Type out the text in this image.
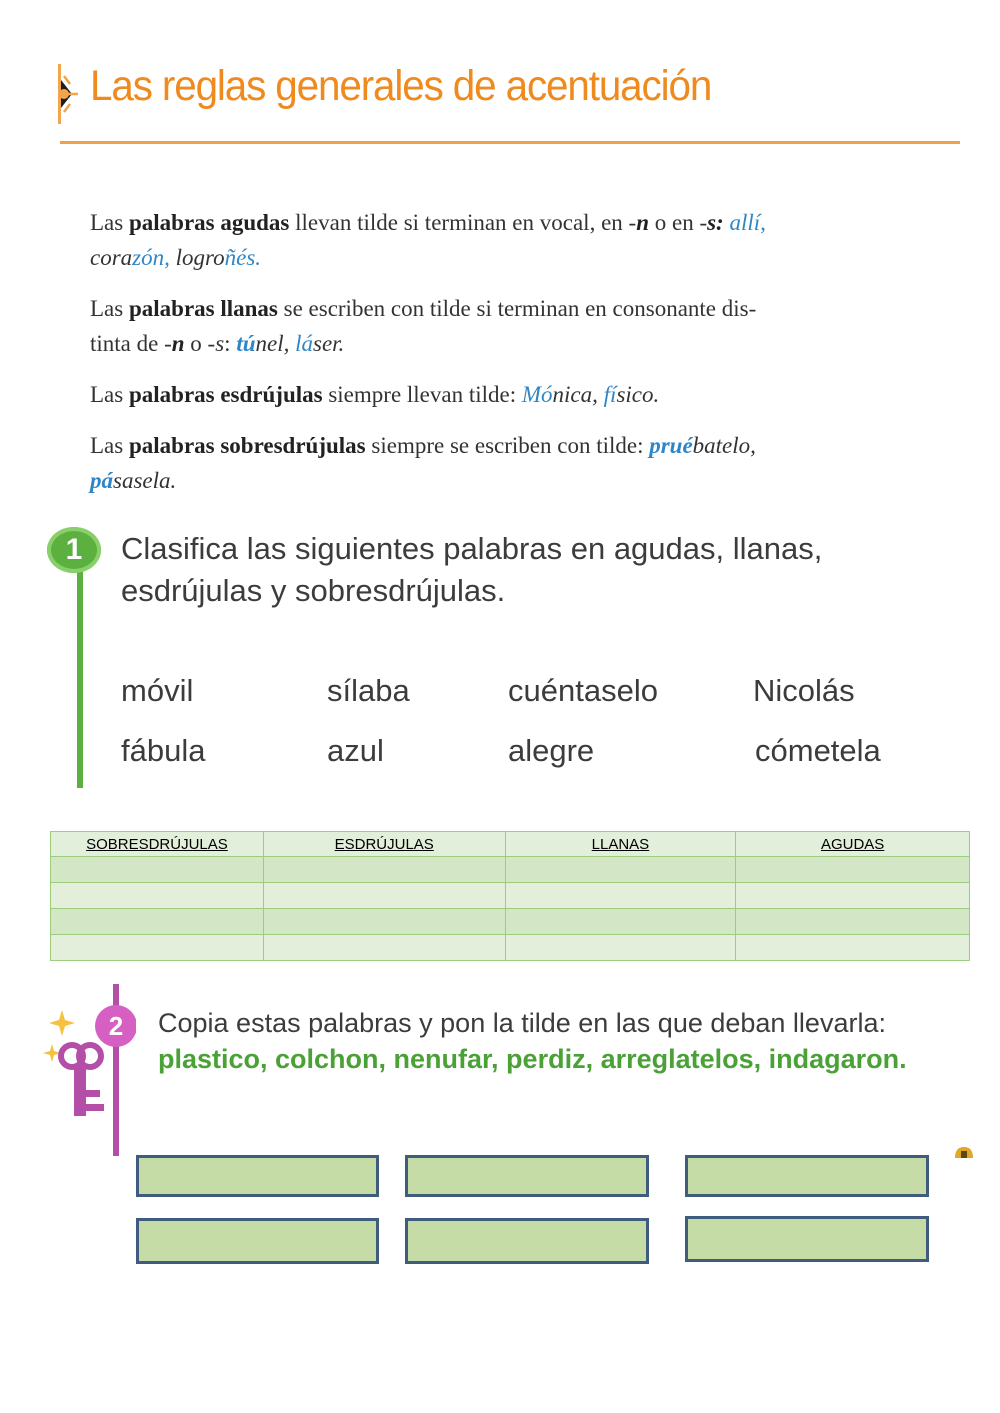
Las reglas generales de acentuación

Las palabras agudas llevan tilde si terminan en vocal, en -n o en -s: allí,
corazón, logroñés.

Las palabras llanas se escriben con tilde si terminan en consonante dis-
tinta de -n o -s: túnel, láser.

Las palabras esdrújulas siempre llevan tilde: Mónica, físico.

Las palabras sobresdrújulas siempre se escriben con tilde: pruébatelo,
pásasela.

1	Clasifica las siguientes palabras en agudas, llanas, esdrújulas y sobresdrújulas.
móvil	sílaba	cuéntaselo	Nicolás
fábula	azul	alegre	cómetela
SOBRESDRÚJULAS	ESDRÚJULAS	LLANAS	AGUDAS

2 Copia estas palabras y pon la tilde en las que deban llevarla: plastico, colchon, nenufar, perdiz, arreglatelos, indagaron.
